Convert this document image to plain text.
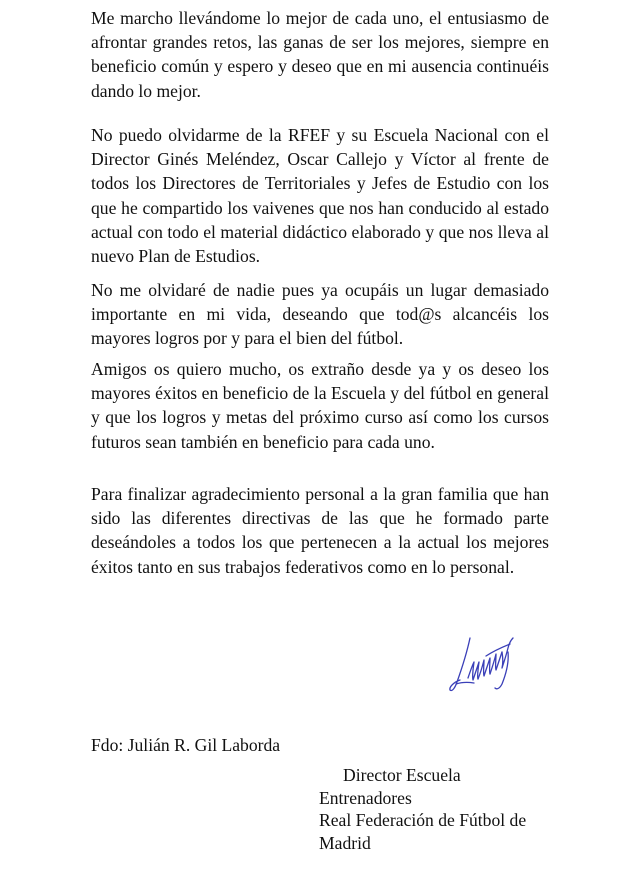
Me marcho llevándome lo mejor de cada uno, el entusiasmo de afrontar grandes retos, las ganas de ser los mejores, siempre en beneficio común y espero y deseo que en mi ausencia continuéis dando lo mejor.

No puedo olvidarme de la RFEF y su Escuela Nacional con el Director Ginés Meléndez, Oscar Callejo y Víctor al frente de todos los Directores de Territoriales y Jefes de Estudio con los que he compartido los vaivenes que nos han conducido al estado actual con todo el material didáctico elaborado y que nos lleva al nuevo Plan de Estudios.

No me olvidaré de nadie pues ya ocupáis un lugar demasiado importante en mi vida, deseando que tod@s alcancéis los mayores logros por y para el bien del fútbol.

Amigos os quiero mucho, os extraño desde ya y os deseo los mayores éxitos en beneficio de la Escuela y del fútbol en general y que los logros y metas del próximo curso así como los cursos futuros sean también en beneficio para cada uno.

Para finalizar agradecimiento personal a la gran familia que han sido las diferentes directivas de las que he formado parte deseándoles a todos los que pertenecen a la actual los mejores éxitos tanto en sus trabajos federativos como en lo personal.

Fdo: Julián R. Gil Laborda

Director Escuela
Entrenadores
Real Federación de Fútbol de
Madrid
